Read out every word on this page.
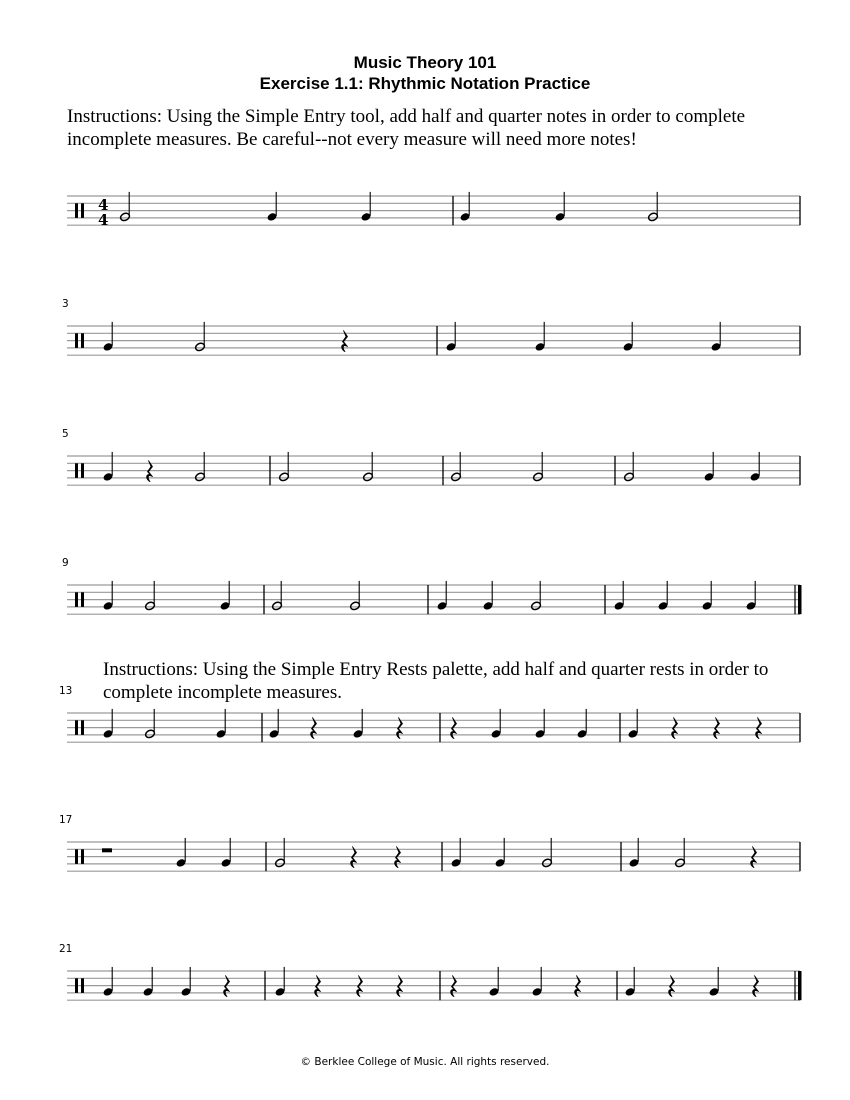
Music Theory 101
Exercise 1.1: Rhythmic Notation Practice
Instructions: Using the Simple Entry tool, add half and quarter notes in order to complete
incomplete measures. Be careful--not every measure will need more notes!
Instructions: Using the Simple Entry Rests palette, add half and quarter rests in order to
complete incomplete measures.
4
4
3
5
9
13
17
21
© Berklee College of Music. All rights reserved.
